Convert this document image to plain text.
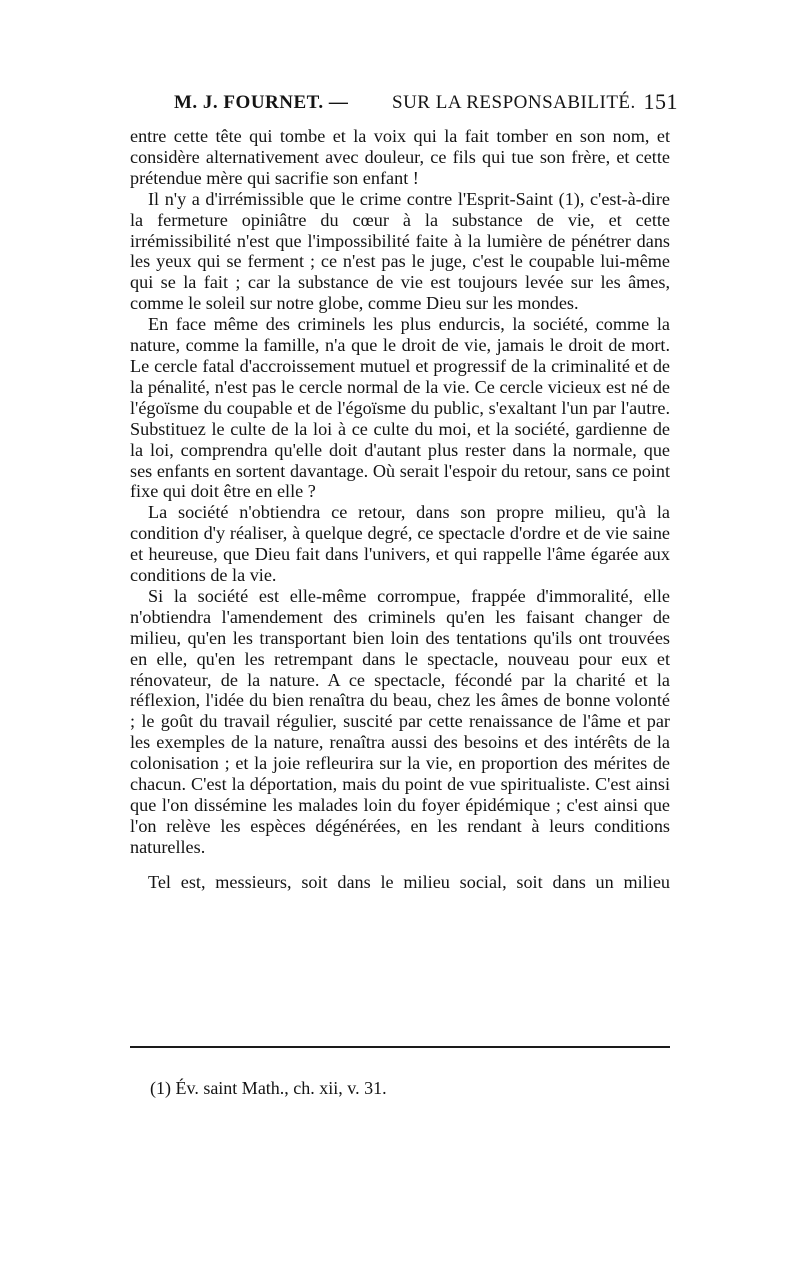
M. J. FOURNET. — SUR LA RESPONSABILITÉ. 151

entre cette tête qui tombe et la voix qui la fait tomber en son nom, et considère alternativement avec douleur, ce fils qui tue son frère, et cette prétendue mère qui sacrifie son enfant !

Il n'y a d'irrémissible que le crime contre l'Esprit-Saint (1), c'est-à-dire la fermeture opiniâtre du cœur à la substance de vie, et cette irrémissibilité n'est que l'impossibilité faite à la lumière de pénétrer dans les yeux qui se ferment ; ce n'est pas le juge, c'est le coupable lui-même qui se la fait ; car la substance de vie est toujours levée sur les âmes, comme le soleil sur notre globe, comme Dieu sur les mondes.

En face même des criminels les plus endurcis, la société, comme la nature, comme la famille, n'a que le droit de vie, jamais le droit de mort. Le cercle fatal d'accroissement mutuel et progressif de la criminalité et de la pénalité, n'est pas le cercle normal de la vie. Ce cercle vicieux est né de l'égoïsme du coupable et de l'égoïsme du public, s'exaltant l'un par l'autre. Substituez le culte de la loi à ce culte du moi, et la société, gardienne de la loi, comprendra qu'elle doit d'autant plus rester dans la normale, que ses enfants en sortent davantage. Où serait l'espoir du retour, sans ce point fixe qui doit être en elle ?

La société n'obtiendra ce retour, dans son propre milieu, qu'à la condition d'y réaliser, à quelque degré, ce spectacle d'ordre et de vie saine et heureuse, que Dieu fait dans l'univers, et qui rappelle l'âme égarée aux conditions de la vie.

Si la société est elle-même corrompue, frappée d'immoralité, elle n'obtiendra l'amendement des criminels qu'en les faisant changer de milieu, qu'en les transportant bien loin des tentations qu'ils ont trouvées en elle, qu'en les retrempant dans le spectacle, nouveau pour eux et rénovateur, de la nature. A ce spectacle, fécondé par la charité et la réflexion, l'idée du bien renaîtra du beau, chez les âmes de bonne volonté ; le goût du travail régulier, suscité par cette renaissance de l'âme et par les exemples de la nature, renaîtra aussi des besoins et des intérêts de la colonisation ; et la joie refleurira sur la vie, en proportion des mérites de chacun. C'est la déportation, mais du point de vue spiritualiste. C'est ainsi que l'on dissémine les malades loin du foyer épidémique ; c'est ainsi que l'on relève les espèces dégénérées, en les rendant à leurs conditions naturelles.

Tel est, messieurs, soit dans le milieu social, soit dans un milieu

(1) Év. saint Math., ch. xii, v. 31.
